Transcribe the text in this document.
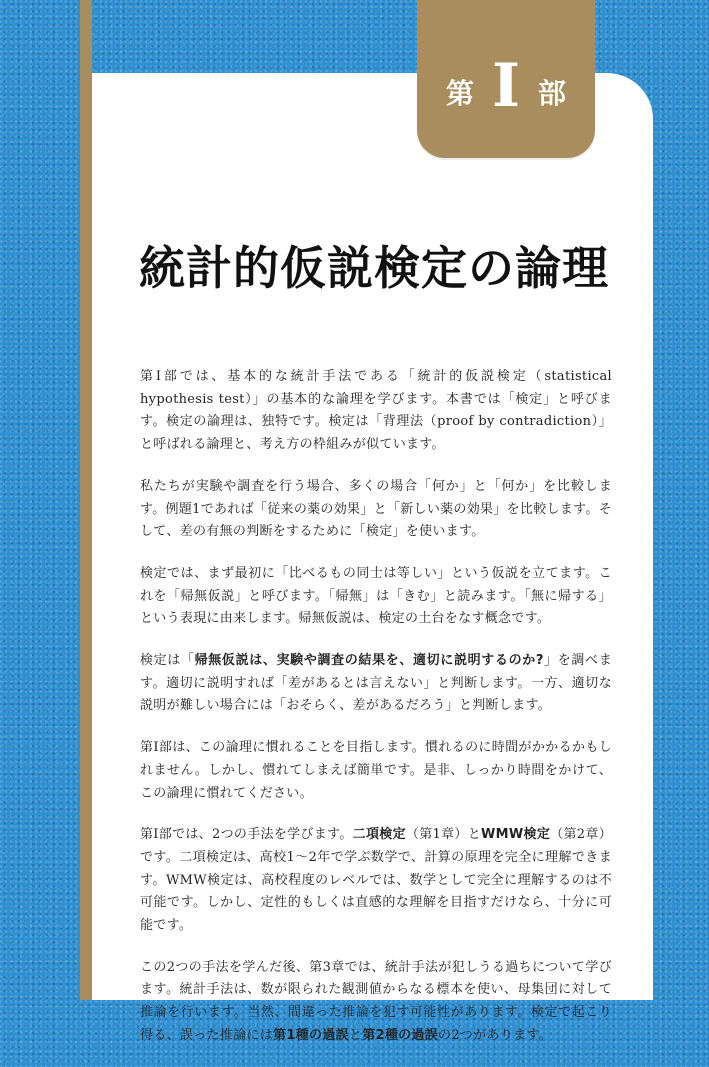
第 I 部
統計的仮説検定の論理

第Ⅰ部では、基本的な統計手法である「統計的仮説検定（statistical hypothesis test）」の基本的な論理を学びます。本書では「検定」と呼びます。検定の論理は、独特です。検定は「背理法（proof by contradiction）」と呼ばれる論理と、考え方の枠組みが似ています。

私たちが実験や調査を行う場合、多くの場合「何か」と「何か」を比較します。例題1であれば「従来の薬の効果」と「新しい薬の効果」を比較します。そして、差の有無の判断をするために「検定」を使います。

検定では、まず最初に「比べるもの同士は等しい」という仮説を立てます。これを「帰無仮説」と呼びます。「帰無」は「きむ」と読みます。「無に帰する」という表現に由来します。帰無仮説は、検定の土台をなす概念です。

検定は「帰無仮説は、実験や調査の結果を、適切に説明するのか?」を調べます。適切に説明すれば「差があるとは言えない」と判断します。一方、適切な説明が難しい場合には「おそらく、差があるだろう」と判断します。

第Ⅰ部は、この論理に慣れることを目指します。慣れるのに時間がかかるかもしれません。しかし、慣れてしまえば簡単です。是非、しっかり時間をかけて、この論理に慣れてください。

第Ⅰ部では、2つの手法を学びます。二項検定（第1章）とWMW検定（第2章）です。二項検定は、高校1～2年で学ぶ数学で、計算の原理を完全に理解できます。WMW検定は、高校程度のレベルでは、数学として完全に理解するのは不可能です。しかし、定性的もしくは直感的な理解を目指すだけなら、十分に可能です。

この2つの手法を学んだ後、第3章では、統計手法が犯しうる過ちについて学びます。統計手法は、数が限られた観測値からなる標本を使い、母集団に対して推論を行います。当然、間違った推論を犯す可能性があります。検定で起こり得る、誤った推論には第1種の過誤と第2種の過誤の2つがあります。
